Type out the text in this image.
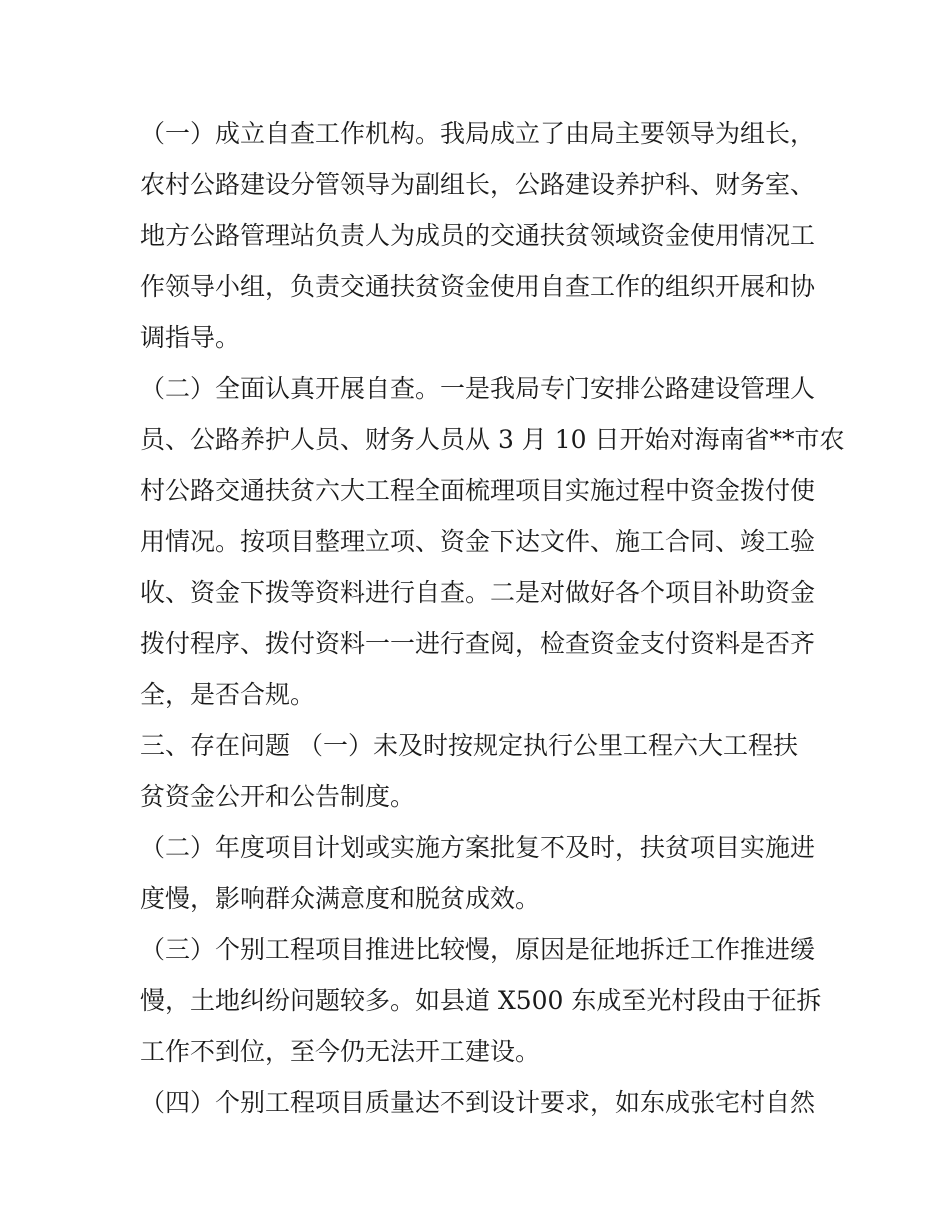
（一）成立自查工作机构。我局成立了由局主要领导为组长，
农村公路建设分管领导为副组长，公路建设养护科、财务室、
地方公路管理站负责人为成员的交通扶贫领域资金使用情况工
作领导小组，负责交通扶贫资金使用自查工作的组织开展和协
调指导。
（二）全面认真开展自查。一是我局专门安排公路建设管理人
员、公路养护人员、财务人员从 3 月 10 日开始对海南省**市农
村公路交通扶贫六大工程全面梳理项目实施过程中资金拨付使
用情况。按项目整理立项、资金下达文件、施工合同、竣工验
收、资金下拨等资料进行自查。二是对做好各个项目补助资金
拨付程序、拨付资料一一进行查阅，检查资金支付资料是否齐
全，是否合规。
三、存在问题 （一）未及时按规定执行公里工程六大工程扶
贫资金公开和公告制度。
（二）年度项目计划或实施方案批复不及时，扶贫项目实施进
度慢，影响群众满意度和脱贫成效。
（三）个别工程项目推进比较慢，原因是征地拆迁工作推进缓
慢，土地纠纷问题较多。如县道 X500 东成至光村段由于征拆
工作不到位，至今仍无法开工建设。
（四）个别工程项目质量达不到设计要求，如东成张宅村自然
